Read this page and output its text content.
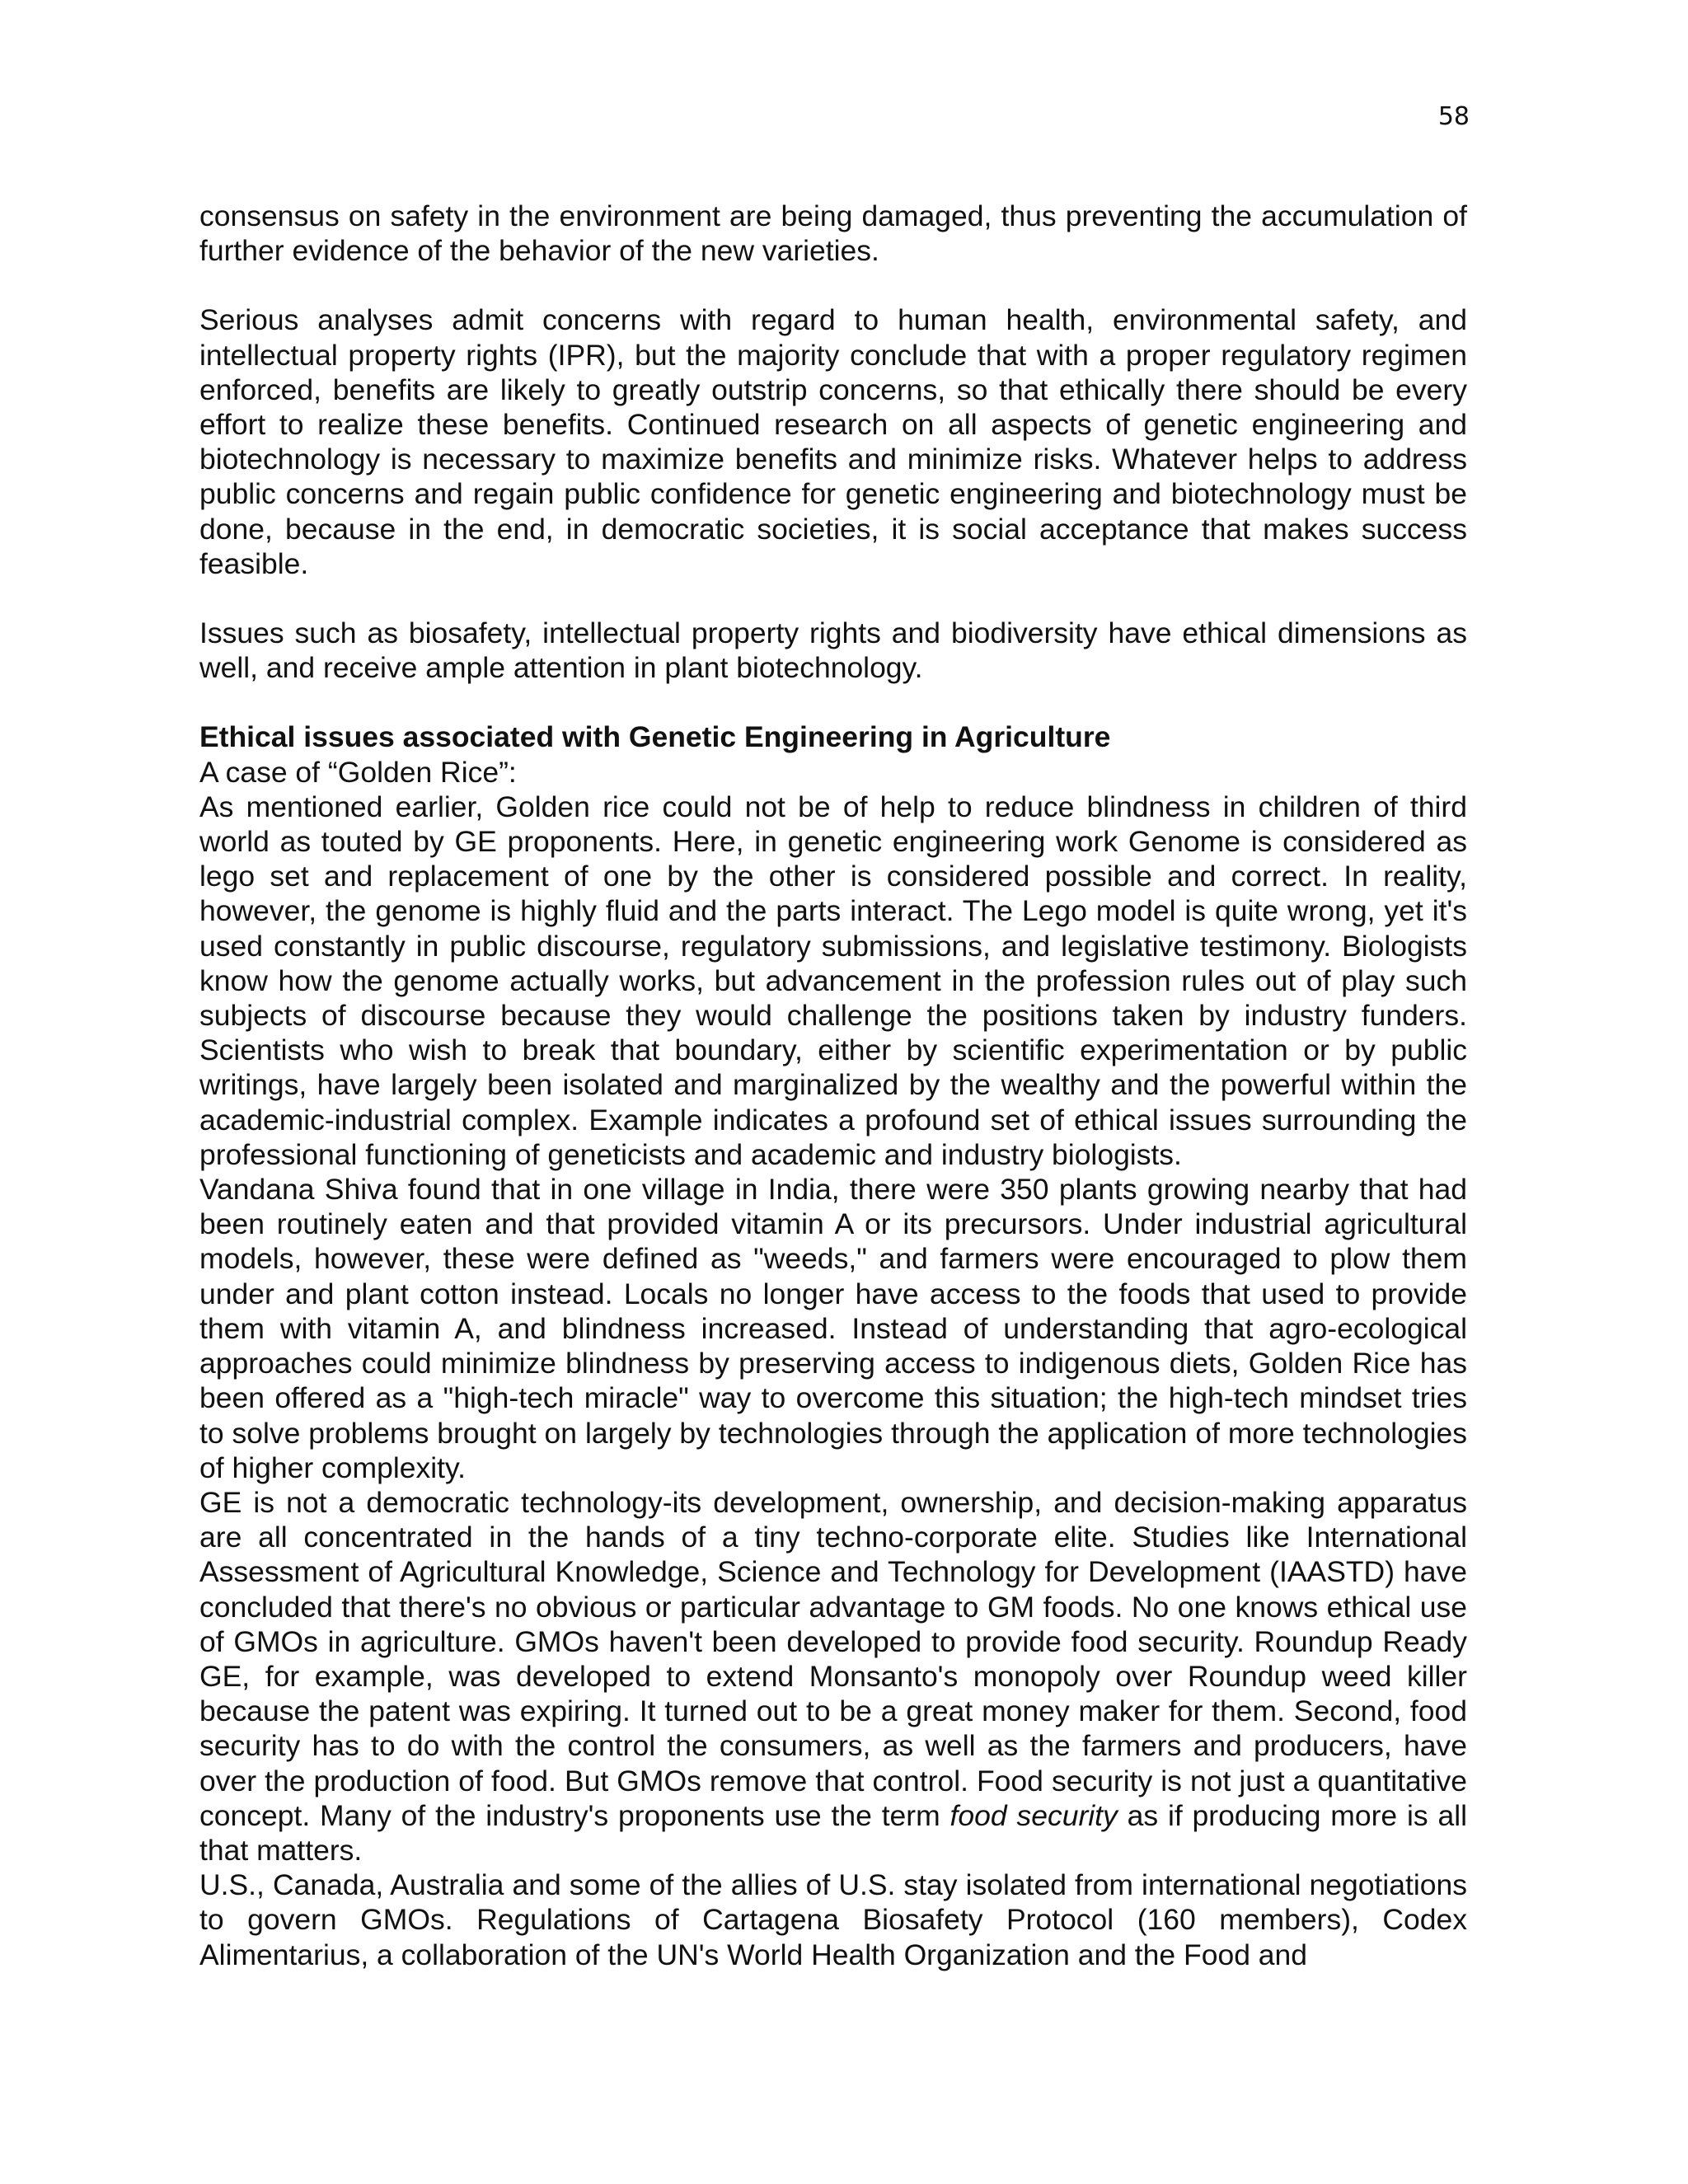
58

consensus on safety in the environment are being damaged, thus preventing the accumulation of further evidence of the behavior of the new varieties.

Serious analyses admit concerns with regard to human health, environmental safety, and intellectual property rights (IPR), but the majority conclude that with a proper regulatory regimen enforced, benefits are likely to greatly outstrip concerns, so that ethically there should be every effort to realize these benefits. Continued research on all aspects of genetic engineering and biotechnology is necessary to maximize benefits and minimize risks. Whatever helps to address public concerns and regain public confidence for genetic engineering and biotechnology must be done, because in the end, in democratic societies, it is social acceptance that makes success feasible.

Issues such as biosafety, intellectual property rights and biodiversity have ethical dimensions as well, and receive ample attention in plant biotechnology.

Ethical issues associated with Genetic Engineering in Agriculture

A case of “Golden Rice”:

As mentioned earlier, Golden rice could not be of help to reduce blindness in children of third world as touted by GE proponents. Here, in genetic engineering work Genome is considered as lego set and replacement of one by the other is considered possible and correct. In reality, however, the genome is highly fluid and the parts interact. The Lego model is quite wrong, yet it's used constantly in public discourse, regulatory submissions, and legislative testimony. Biologists know how the genome actually works, but advancement in the profession rules out of play such subjects of discourse because they would challenge the positions taken by industry funders. Scientists who wish to break that boundary, either by scientific experimentation or by public writings, have largely been isolated and marginalized by the wealthy and the powerful within the academic-industrial complex. Example indicates a profound set of ethical issues surrounding the professional functioning of geneticists and academic and industry biologists.

Vandana Shiva found that in one village in India, there were 350 plants growing nearby that had been routinely eaten and that provided vitamin A or its precursors. Under industrial agricultural models, however, these were defined as "weeds," and farmers were encouraged to plow them under and plant cotton instead. Locals no longer have access to the foods that used to provide them with vitamin A, and blindness increased. Instead of understanding that agro-ecological approaches could minimize blindness by preserving access to indigenous diets, Golden Rice has been offered as a "high-tech miracle" way to overcome this situation; the high-tech mindset tries to solve problems brought on largely by technologies through the application of more technologies of higher complexity.

GE is not a democratic technology-its development, ownership, and decision-making apparatus are all concentrated in the hands of a tiny techno-corporate elite. Studies like International Assessment of Agricultural Knowledge, Science and Technology for Development (IAASTD) have concluded that there's no obvious or particular advantage to GM foods. No one knows ethical use of GMOs in agriculture. GMOs haven't been developed to provide food security. Roundup Ready GE, for example, was developed to extend Monsanto's monopoly over Roundup weed killer because the patent was expiring. It turned out to be a great money maker for them. Second, food security has to do with the control the consumers, as well as the farmers and producers, have over the production of food. But GMOs remove that control. Food security is not just a quantitative concept. Many of the industry's proponents use the term food security as if producing more is all that matters.

U.S., Canada, Australia and some of the allies of U.S. stay isolated from international negotiations to govern GMOs. Regulations of Cartagena Biosafety Protocol (160 members), Codex Alimentarius, a collaboration of the UN's World Health Organization and the Food and
